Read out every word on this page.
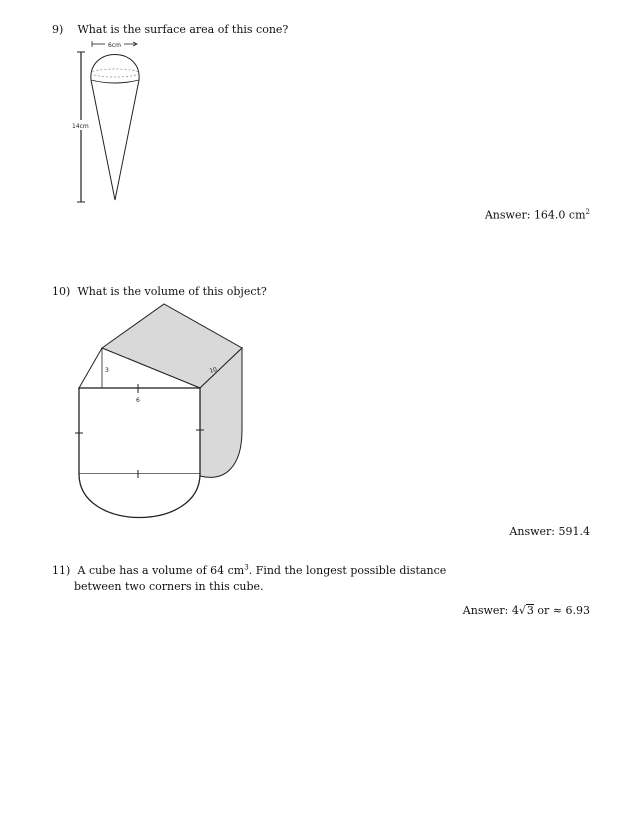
9) What is the surface area of this cone?
6cm
14cm
Answer: 164.0 $cm^2$
10) What is the volume of this object?
3	10
6
Answer: 591.4
11) A cube has a volume of 64 $cm^3$. Find the longest possible distance
between two corners in this cube.
Answer: 4√3 or ≈ 6.93
